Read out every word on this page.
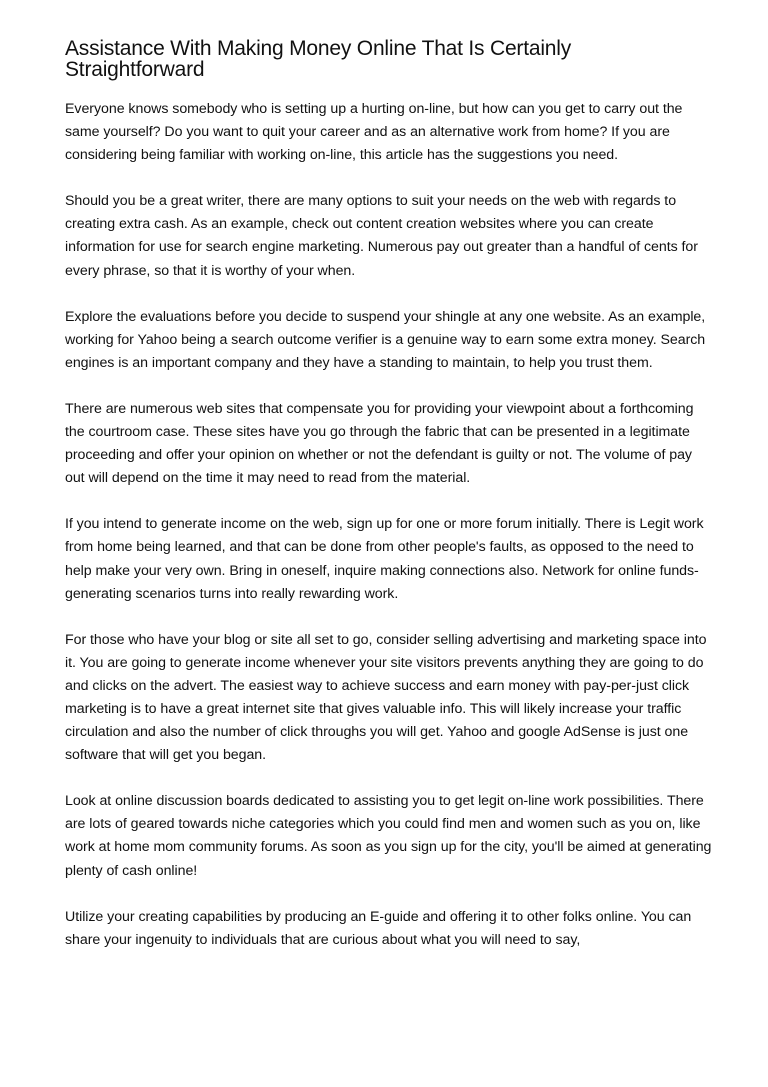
Assistance With Making Money Online That Is Certainly Straightforward

Everyone knows somebody who is setting up a hurting on-line, but how can you get to carry out the same yourself? Do you want to quit your career and as an alternative work from home? If you are considering being familiar with working on-line, this article has the suggestions you need.

Should you be a great writer, there are many options to suit your needs on the web with regards to creating extra cash. As an example, check out content creation websites where you can create information for use for search engine marketing. Numerous pay out greater than a handful of cents for every phrase, so that it is worthy of your when.

Explore the evaluations before you decide to suspend your shingle at any one website. As an example, working for Yahoo being a search outcome verifier is a genuine way to earn some extra money. Search engines is an important company and they have a standing to maintain, to help you trust them.

There are numerous web sites that compensate you for providing your viewpoint about a forthcoming the courtroom case. These sites have you go through the fabric that can be presented in a legitimate proceeding and offer your opinion on whether or not the defendant is guilty or not. The volume of pay out will depend on the time it may need to read from the material.

If you intend to generate income on the web, sign up for one or more forum initially. There is Legit work from home being learned, and that can be done from other people's faults, as opposed to the need to help make your very own. Bring in oneself, inquire making connections also. Network for online funds-generating scenarios turns into really rewarding work.

For those who have your blog or site all set to go, consider selling advertising and marketing space into it. You are going to generate income whenever your site visitors prevents anything they are going to do and clicks on the advert. The easiest way to achieve success and earn money with pay-per-just click marketing is to have a great internet site that gives valuable info. This will likely increase your traffic circulation and also the number of click throughs you will get. Yahoo and google AdSense is just one software that will get you began.

Look at online discussion boards dedicated to assisting you to get legit on-line work possibilities. There are lots of geared towards niche categories which you could find men and women such as you on, like work at home mom community forums. As soon as you sign up for the city, you'll be aimed at generating plenty of cash online!

Utilize your creating capabilities by producing an E-guide and offering it to other folks online. You can share your ingenuity to individuals that are curious about what you will need to say,
